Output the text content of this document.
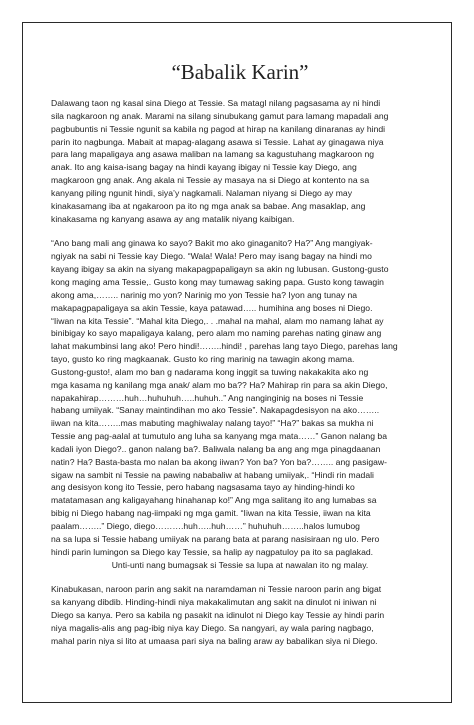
“Babalik Karin”
Dalawang taon ng kasal sina Diego at Tessie. Sa matagl nilang pagsasama ay ni hindi
sila nagkaroon ng anak. Marami na silang sinubukang gamut para lamang mapadali ang
pagbubuntis ni Tessie ngunit sa kabila ng pagod at hirap na kanilang dinaranas ay hindi
parin ito nagbunga. Mabait at mapag-alagang asawa si Tessie. Lahat ay ginagawa niya
para lang mapaligaya ang asawa maliban na lamang sa kagustuhang magkaroon ng
anak. Ito ang kaisa-isang bagay na hindi kayang ibigay ni Tessie kay Diego, ang
magkaroon gng anak. Ang akala ni Tessie ay masaya na si Diego at kontento na sa
kanyang piling ngunit hindi, siya’y nagkamali. Nalaman niyang si Diego ay may
kinakasamang iba at ngakaroon pa ito ng mga anak sa babae. Ang masaklap, ang
kinakasama ng kanyang asawa ay ang matalik niyang kaibigan.
“Ano bang mali ang ginawa ko sayo? Bakit mo ako ginaganito? Ha?” Ang mangiyak-
ngiyak na sabi ni Tessie kay Diego. “Wala! Wala! Pero may isang bagay na hindi mo
kayang ibigay sa akin na siyang makapagpapaligayn sa akin ng lubusan. Gustong-gusto
kong maging ama Tessie,. Gusto kong may tumawag saking papa. Gusto kong tawagin
akong ama,…….. narinig mo yon? Narinig mo yon Tessie ha? Iyon ang tunay na
makapagpapaligaya sa akin Tessie, kaya patawad….. humihina ang boses ni Diego.
“Iiwan na kita Tessie”. “Mahal kita Diego,. . .mahal na mahal, alam mo namang lahat ay
binibigay ko sayo mapaligaya kalang, pero alam mo naming parehas nating ginaw ang
lahat makumbinsi lang ako! Pero hindi!……..hindi! , parehas lang tayo Diego, parehas lang
tayo, gusto ko ring magkaanak. Gusto ko ring marinig na tawagin akong mama.
Gustong-gusto!, alam mo ban g nadarama kong inggit sa tuwing nakakakita ako ng
mga kasama ng kanilang mga anak/ alam mo ba?? Ha? Mahirap rin para sa akin Diego,
napakahirap………huh…huhuhuh…..huhuh..” Ang nanginginig na boses ni Tessie
habang umiiyak. “Sanay maintindihan mo ako Tessie”. Nakapagdesisyon na ako……..
iiwan na kita……..mas mabuting maghiwalay nalang tayo!” “Ha?” bakas sa mukha ni
Tessie ang pag-aalal at tumutulo ang luha sa kanyang mga mata……” Ganon nalang ba
kadali iyon Diego?.. ganon nalang ba?. Baliwala nalang ba ang ang mga pinagdaanan
natin? Ha? Basta-basta mo nalan ba akong iiwan? Yon ba? Yon ba?…….. ang pasigaw-
sigaw na sambit ni Tessie na pawing nababaliw at habang umiiyak,. “Hindi rin madali
ang desisyon kong ito Tessie, pero habang nagsasama tayo ay hinding-hindi ko
matatamasan ang kaligayahang hinahanap ko!” Ang mga salitang ito ang lumabas sa
bibig ni Diego habang nag-iimpaki ng mga gamit. “Iiwan na kita Tessie, iiwan na kita
paalam……..” Diego, diego……….huh…..huh……” huhuhuh……..halos lumubog
na sa lupa si Tessie habang umiiyak na parang bata at parang nasisiraan ng ulo. Pero
hindi parin lumingon sa Diego kay Tessie, sa halip ay nagpatuloy pa ito sa paglakad.
Unti-unti nang bumagsak si Tessie sa lupa at nawalan ito ng malay.
Kinabukasan, naroon parin ang sakit na naramdaman ni Tessie naroon parin ang bigat
sa kanyang dibdib. Hinding-hindi niya makakalimutan ang sakit na dinulot ni iniwan ni
Diego sa kanya. Pero sa kabila ng pasakit na idinulot ni Diego kay Tessie ay hindi parin
niya magalis-alis ang pag-ibig niya kay Diego. Sa nangyari, ay wala paring nagbago,
mahal parin niya si lito at umaasa pari siya na baling araw ay babalikan siya ni Diego.
